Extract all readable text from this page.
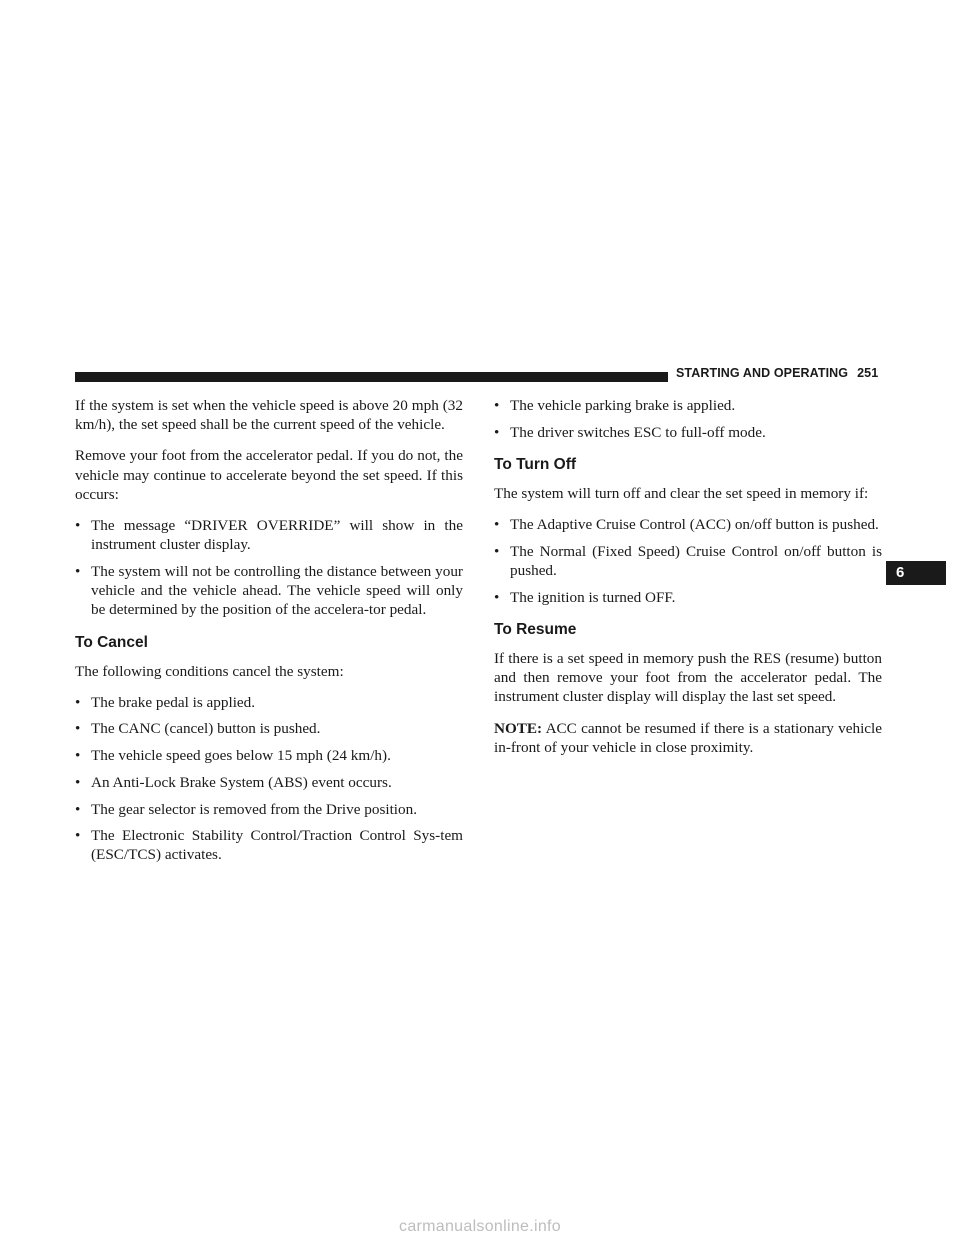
STARTING AND OPERATING 251
6

If the system is set when the vehicle speed is above 20 mph (32 km/h), the set speed shall be the current speed of the vehicle.

Remove your foot from the accelerator pedal. If you do not, the vehicle may continue to accelerate beyond the set speed. If this occurs:

• The message “DRIVER OVERRIDE” will show in the instrument cluster display.
• The system will not be controlling the distance between your vehicle and the vehicle ahead. The vehicle speed will only be determined by the position of the accelera-tor pedal.
To Cancel

The following conditions cancel the system:

• The brake pedal is applied.
• The CANC (cancel) button is pushed.
• The vehicle speed goes below 15 mph (24 km/h).
• An Anti-Lock Brake System (ABS) event occurs.
• The gear selector is removed from the Drive position.
• The Electronic Stability Control/Traction Control Sys-tem (ESC/TCS) activates.
• The vehicle parking brake is applied.
• The driver switches ESC to full-off mode.
To Turn Off

The system will turn off and clear the set speed in memory if:

• The Adaptive Cruise Control (ACC) on/off button is pushed.
• The Normal (Fixed Speed) Cruise Control on/off button is pushed.
• The ignition is turned OFF.
To Resume

If there is a set speed in memory push the RES (resume) button and then remove your foot from the accelerator pedal. The instrument cluster display will display the last set speed.

NOTE: ACC cannot be resumed if there is a stationary vehicle in-front of your vehicle in close proximity.

carmanualsonline.info
